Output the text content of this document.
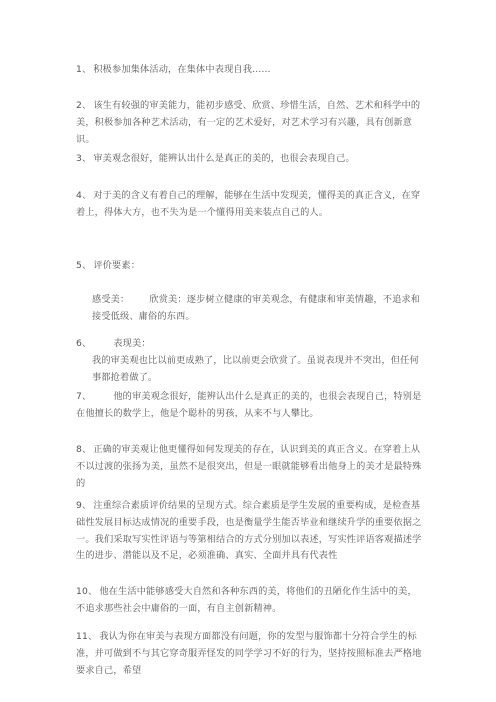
1、 积极参加集体活动，在集体中表现自我……

2、 该生有较强的审美能力，能初步感受、欣赏、珍惜生活，自然、艺术和科学中的美，积极参加各种艺术活动，有一定的艺术爱好，对艺术学习有兴趣，具有创新意识。

3、 审美观念很好，能辨认出什么是真正的美的，也很会表现自己。

4、 对于美的含义有着自己的理解，能够在生活中发现美，懂得美的真正含义，在穿着上，得体大方，也不失为是一个懂得用美来装点自己的人。

5、 评价要素：

感受美： 欣赏美：逐步树立健康的审美观念，有健康和审美情趣，不追求和接受低级、庸俗的东西。

6、 表现美：

我的审美观也比以前更成熟了，比以前更会欣赏了。虽说表现并不突出，但任何事都抢着做了。

7、 他的审美观念很好，能辨认出什么是真正的美的，也很会表现自己，特别是在他擅长的数学上，他是个聪朴的男孩，从来不与人攀比。

8、 正确的审美观让他更懂得如何发现美的存在，认识到美的真正含义。在穿着上从不以过渡的张扬为美，虽然不是很突出，但是一眼就能够看出他身上的美才是最特殊的

9、 注重综合素质评价结果的呈现方式。综合素质是学生发展的重要构成，是检查基础性发展目标达成情况的重要手段，也是衡量学生能否毕业和继续升学的重要依据之一。我们采取写实性评语与等第相结合的方式分别加以表述，写实性评语客观描述学生的进步、潜能以及不足，必须准确、真实、全面并具有代表性

10、 他在生活中能够感受大自然和各种东西的美，将他们的丑陋化作生活中的美，不追求那些社会中庸俗的一面，有自主创新精神。

11、 我认为你在审美与表现方面都没有问题，你的发型与服饰都十分符合学生的标准，并可做到不与其它穿奇服弄怪发的同学学习不好的行为，坚持按照标准去严格地要求自己，希望
